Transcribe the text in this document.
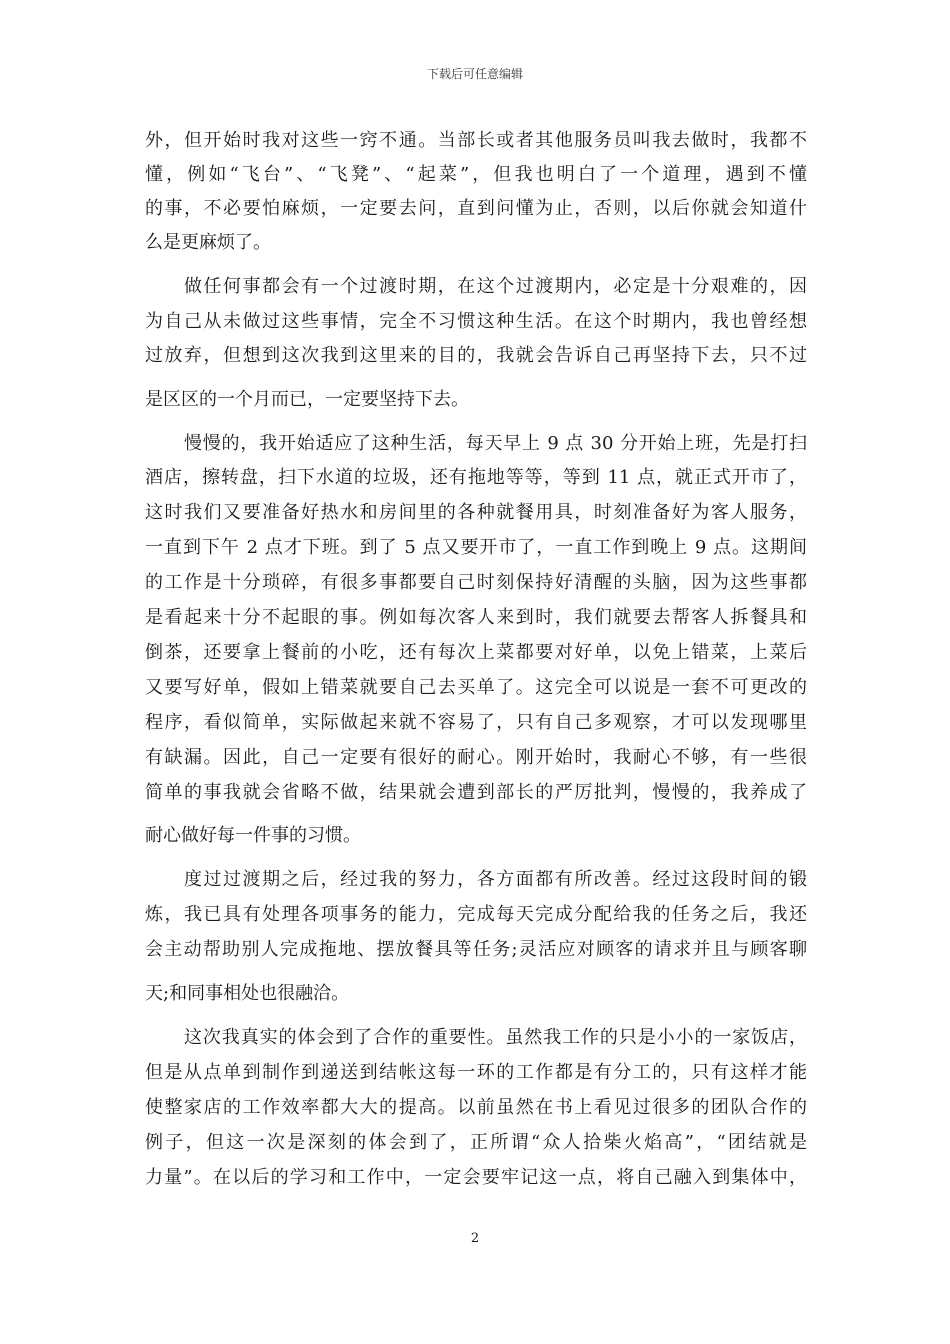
下载后可任意编辑
外，但开始时我对这些一窍不通。当部长或者其他服务员叫我去做时，我都不
懂，例如“飞台”、“飞凳”、“起菜”，但我也明白了一个道理，遇到不懂
的事，不必要怕麻烦，一定要去问，直到问懂为止，否则，以后你就会知道什
么是更麻烦了。
做任何事都会有一个过渡时期，在这个过渡期内，必定是十分艰难的，因
为自己从未做过这些事情，完全不习惯这种生活。在这个时期内，我也曾经想
过放弃，但想到这次我到这里来的目的，我就会告诉自己再坚持下去，只不过
是区区的一个月而已，一定要坚持下去。
慢慢的，我开始适应了这种生活，每天早上 9 点 30 分开始上班，先是打扫
酒店，擦转盘，扫下水道的垃圾，还有拖地等等，等到 11 点，就正式开市了，
这时我们又要准备好热水和房间里的各种就餐用具，时刻准备好为客人服务，
一直到下午 2 点才下班。到了 5 点又要开市了，一直工作到晚上 9 点。这期间
的工作是十分琐碎，有很多事都要自己时刻保持好清醒的头脑，因为这些事都
是看起来十分不起眼的事。例如每次客人来到时，我们就要去帮客人拆餐具和
倒茶，还要拿上餐前的小吃，还有每次上菜都要对好单，以免上错菜，上菜后
又要写好单，假如上错菜就要自己去买单了。这完全可以说是一套不可更改的
程序，看似简单，实际做起来就不容易了，只有自己多观察，才可以发现哪里
有缺漏。因此，自己一定要有很好的耐心。刚开始时，我耐心不够，有一些很
简单的事我就会省略不做，结果就会遭到部长的严厉批判，慢慢的，我养成了
耐心做好每一件事的习惯。
度过过渡期之后，经过我的努力，各方面都有所改善。经过这段时间的锻
炼，我已具有处理各项事务的能力，完成每天完成分配给我的任务之后，我还
会主动帮助别人完成拖地、摆放餐具等任务;灵活应对顾客的请求并且与顾客聊
天;和同事相处也很融洽。
这次我真实的体会到了合作的重要性。虽然我工作的只是小小的一家饭店，
但是从点单到制作到递送到结帐这每一环的工作都是有分工的，只有这样才能
使整家店的工作效率都大大的提高。以前虽然在书上看见过很多的团队合作的
例子，但这一次是深刻的体会到了，正所谓“众人拾柴火焰高”，“团结就是
力量”。在以后的学习和工作中，一定会要牢记这一点，将自己融入到集体中，
2
